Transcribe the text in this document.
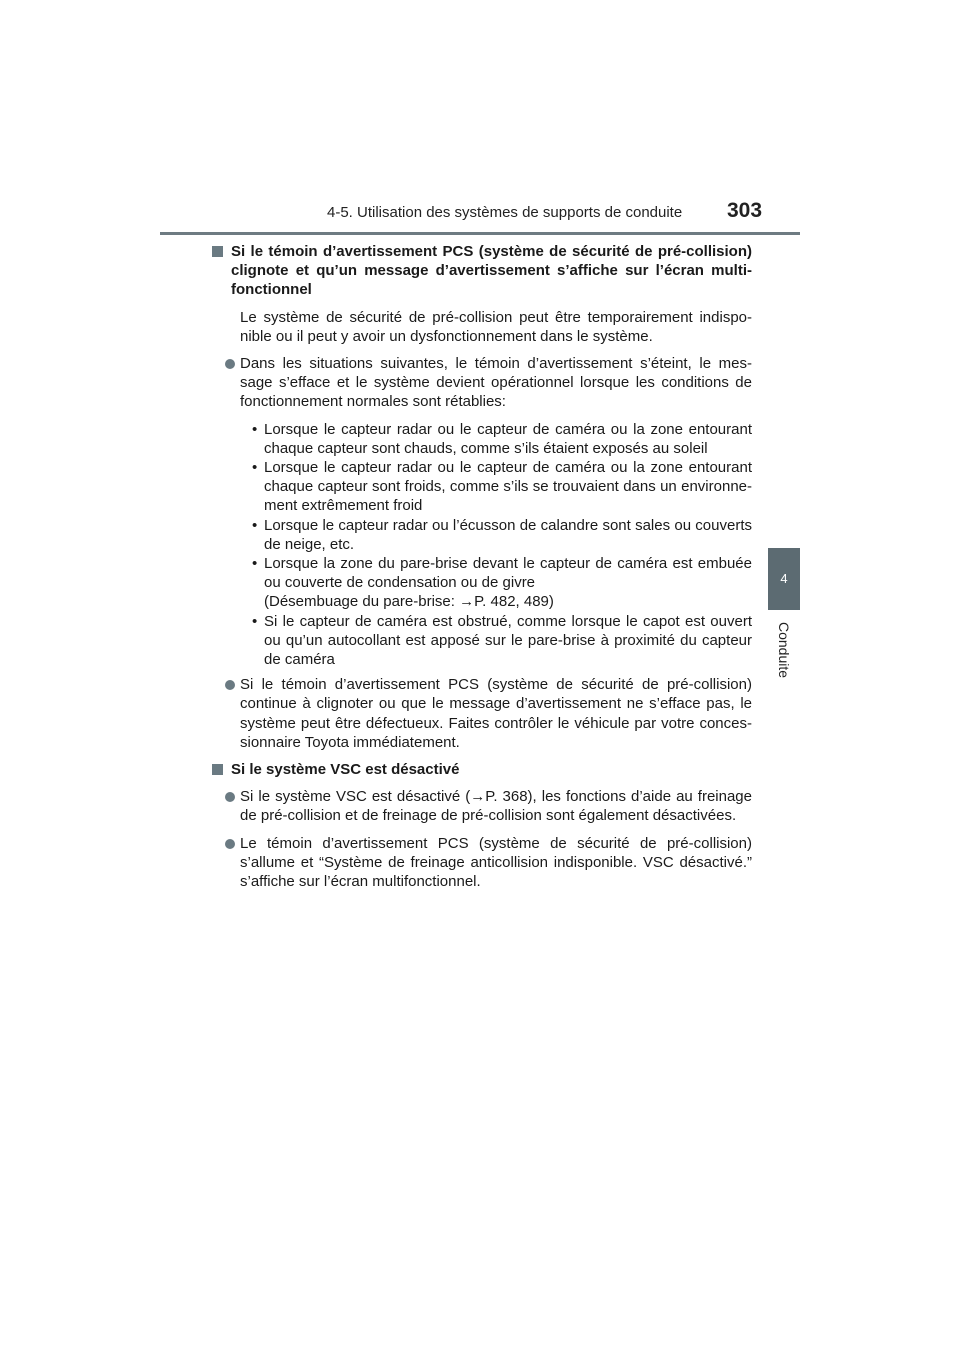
4-5. Utilisation des systèmes de supports de conduite 303
4
Conduite
Si le témoin d’avertissement PCS (système de sécurité de pré-collision) clignote et qu’un message d’avertissement s’affiche sur l’écran multi-fonctionnel
Le système de sécurité de pré-collision peut être temporairement indispo-nible ou il peut y avoir un dysfonctionnement dans le système.
Dans les situations suivantes, le témoin d’avertissement s’éteint, le mes-sage s’efface et le système devient opérationnel lorsque les conditions de fonctionnement normales sont rétablies:
• Lorsque le capteur radar ou le capteur de caméra ou la zone entourant chaque capteur sont chauds, comme s’ils étaient exposés au soleil
• Lorsque le capteur radar ou le capteur de caméra ou la zone entourant chaque capteur sont froids, comme s’ils se trouvaient dans un environne-ment extrêmement froid
• Lorsque le capteur radar ou l’écusson de calandre sont sales ou couverts de neige, etc.
• Lorsque la zone du pare-brise devant le capteur de caméra est embuée ou couverte de condensation ou de givre
(Désembuage du pare-brise: →P. 482, 489)
• Si le capteur de caméra est obstrué, comme lorsque le capot est ouvert ou qu’un autocollant est apposé sur le pare-brise à proximité du capteur de caméra
Si le témoin d’avertissement PCS (système de sécurité de pré-collision) continue à clignoter ou que le message d’avertissement ne s’efface pas, le système peut être défectueux. Faites contrôler le véhicule par votre conces-sionnaire Toyota immédiatement.
Si le système VSC est désactivé
Si le système VSC est désactivé (→P. 368), les fonctions d’aide au freinage de pré-collision et de freinage de pré-collision sont également désactivées.
Le témoin d’avertissement PCS (système de sécurité de pré-collision) s’allume et “Système de freinage anticollision indisponible. VSC désactivé.” s’affiche sur l’écran multifonctionnel.
